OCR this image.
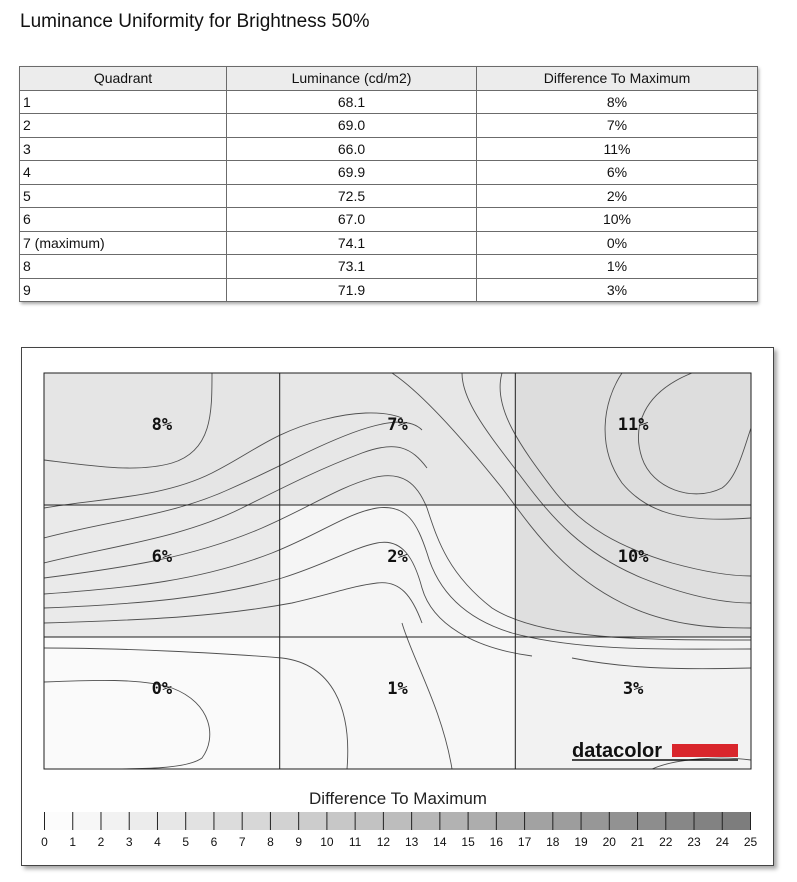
Luminance Uniformity for Brightness 50%
Quadrant	Luminance (cd/m2)	Difference To Maximum
1	68.1	8%
2	69.0	7%
3	66.0	11%
4	69.9	6%
5	72.5	2%
6	67.0	10%
7 (maximum)	74.1	0%
8	73.1	1%
9	71.9	3%
8%	7%	11%
6%	2%	10%
0%	1%	3%
datacolor
Difference To Maximum
0 1 2 3 4 5 6 7 8 9 10 11 12 13 14 15 16 17 18 19 20 21 22 23 24 25
